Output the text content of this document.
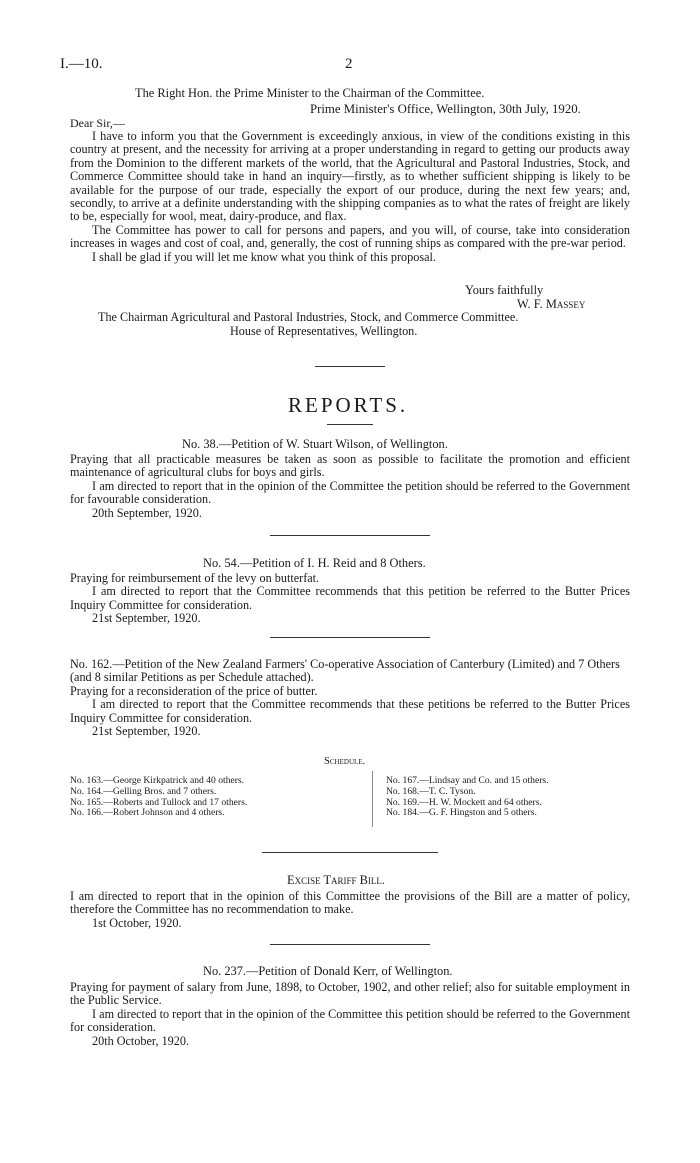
I.—10.	2
The Right Hon. the Prime Minister to the Chairman of the Committee.
Prime Minister's Office, Wellington, 30th July, 1920.
Dear Sir,—

I have to inform you that the Government is exceedingly anxious, in view of the conditions existing in this country at present, and the necessity for arriving at a proper understanding in regard to getting our products away from the Dominion to the different markets of the world, that the Agricultural and Pastoral Industries, Stock, and Commerce Committee should take in hand an inquiry—firstly, as to whether sufficient shipping is likely to be available for the purpose of our trade, especially the export of our produce, during the next few years; and, secondly, to arrive at a definite understanding with the shipping companies as to what the rates of freight are likely to be, especially for wool, meat, dairy-produce, and flax.

The Committee has power to call for persons and papers, and you will, of course, take into consideration increases in wages and cost of coal, and, generally, the cost of running ships as compared with the pre-war period.

I shall be glad if you will let me know what you think of this proposal.

Yours faithfully
W. F. Massey
The Chairman Agricultural and Pastoral Industries, Stock, and Commerce Committee.
House of Representatives, Wellington.
REPORTS.
No. 38.—Petition of W. Stuart Wilson, of Wellington.

Praying that all practicable measures be taken as soon as possible to facilitate the promotion and efficient maintenance of agricultural clubs for boys and girls.

I am directed to report that in the opinion of the Committee the petition should be referred to the Government for favourable consideration.

20th September, 1920.

No. 54.—Petition of I. H. Reid and 8 Others.

Praying for reimbursement of the levy on butterfat.

I am directed to report that the Committee recommends that this petition be referred to the Butter Prices Inquiry Committee for consideration.

21st September, 1920.

No. 162.—Petition of the New Zealand Farmers' Co-operative Association of Canterbury (Limited) and 7 Others (and 8 similar Petitions as per Schedule attached).

Praying for a reconsideration of the price of butter.

I am directed to report that the Committee recommends that these petitions be referred to the Butter Prices Inquiry Committee for consideration.

21st September, 1920.

Schedule.
No. 163.—George Kirkpatrick and 40 others.
No. 164.—Gelling Bros. and 7 others.
No. 165.—Roberts and Tullock and 17 others.
No. 166.—Robert Johnson and 4 others.
No. 167.—Lindsay and Co. and 15 others.
No. 168.—T. C. Tyson.
No. 169.—H. W. Mockett and 64 others.
No. 184.—G. F. Hingston and 5 others.
Excise Tariff Bill.

I am directed to report that in the opinion of this Committee the provisions of the Bill are a matter of policy, therefore the Committee has no recommendation to make.

1st October, 1920.

No. 237.—Petition of Donald Kerr, of Wellington.

Praying for payment of salary from June, 1898, to October, 1902, and other relief; also for suitable employment in the Public Service.

I am directed to report that in the opinion of the Committee this petition should be referred to the Government for consideration.

20th October, 1920.
